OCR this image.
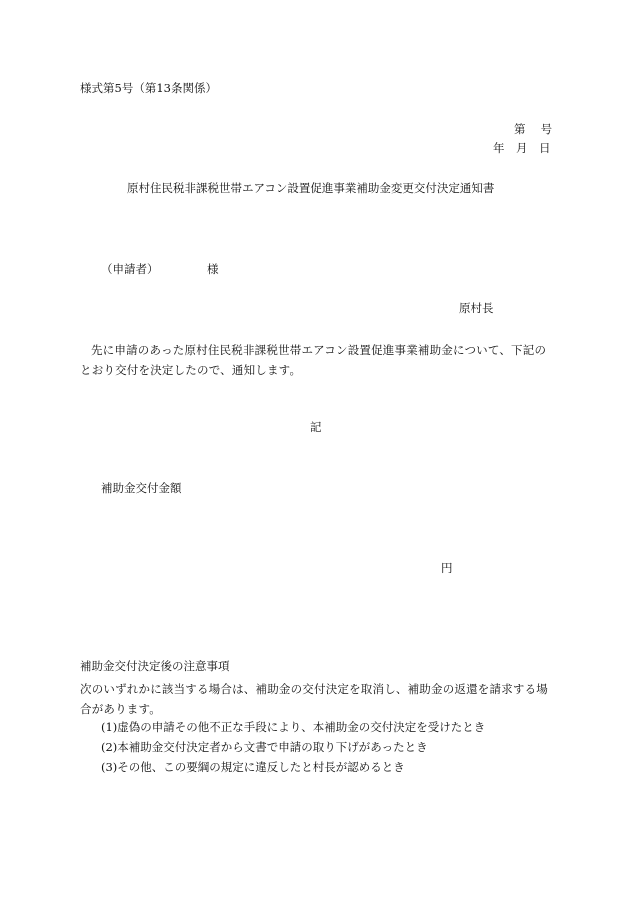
様式第5号（第13条関係）
第　 号
年　月　日
原村住民税非課税世帯エアコン設置促進事業補助金変更交付決定通知書
（申請者）	様
原村長
先に申請のあった原村住民税非課税世帯エアコン設置促進事業補助金について、下記のとおり交付を決定したので、通知します。
記
補助金交付金額
円
補助金交付決定後の注意事項
次のいずれかに該当する場合は、補助金の交付決定を取消し、補助金の返還を請求する場合があります。
(1)虚偽の申請その他不正な手段により、本補助金の交付決定を受けたとき
(2)本補助金交付決定者から文書で申請の取り下げがあったとき
(3)その他、この要綱の規定に違反したと村長が認めるとき
